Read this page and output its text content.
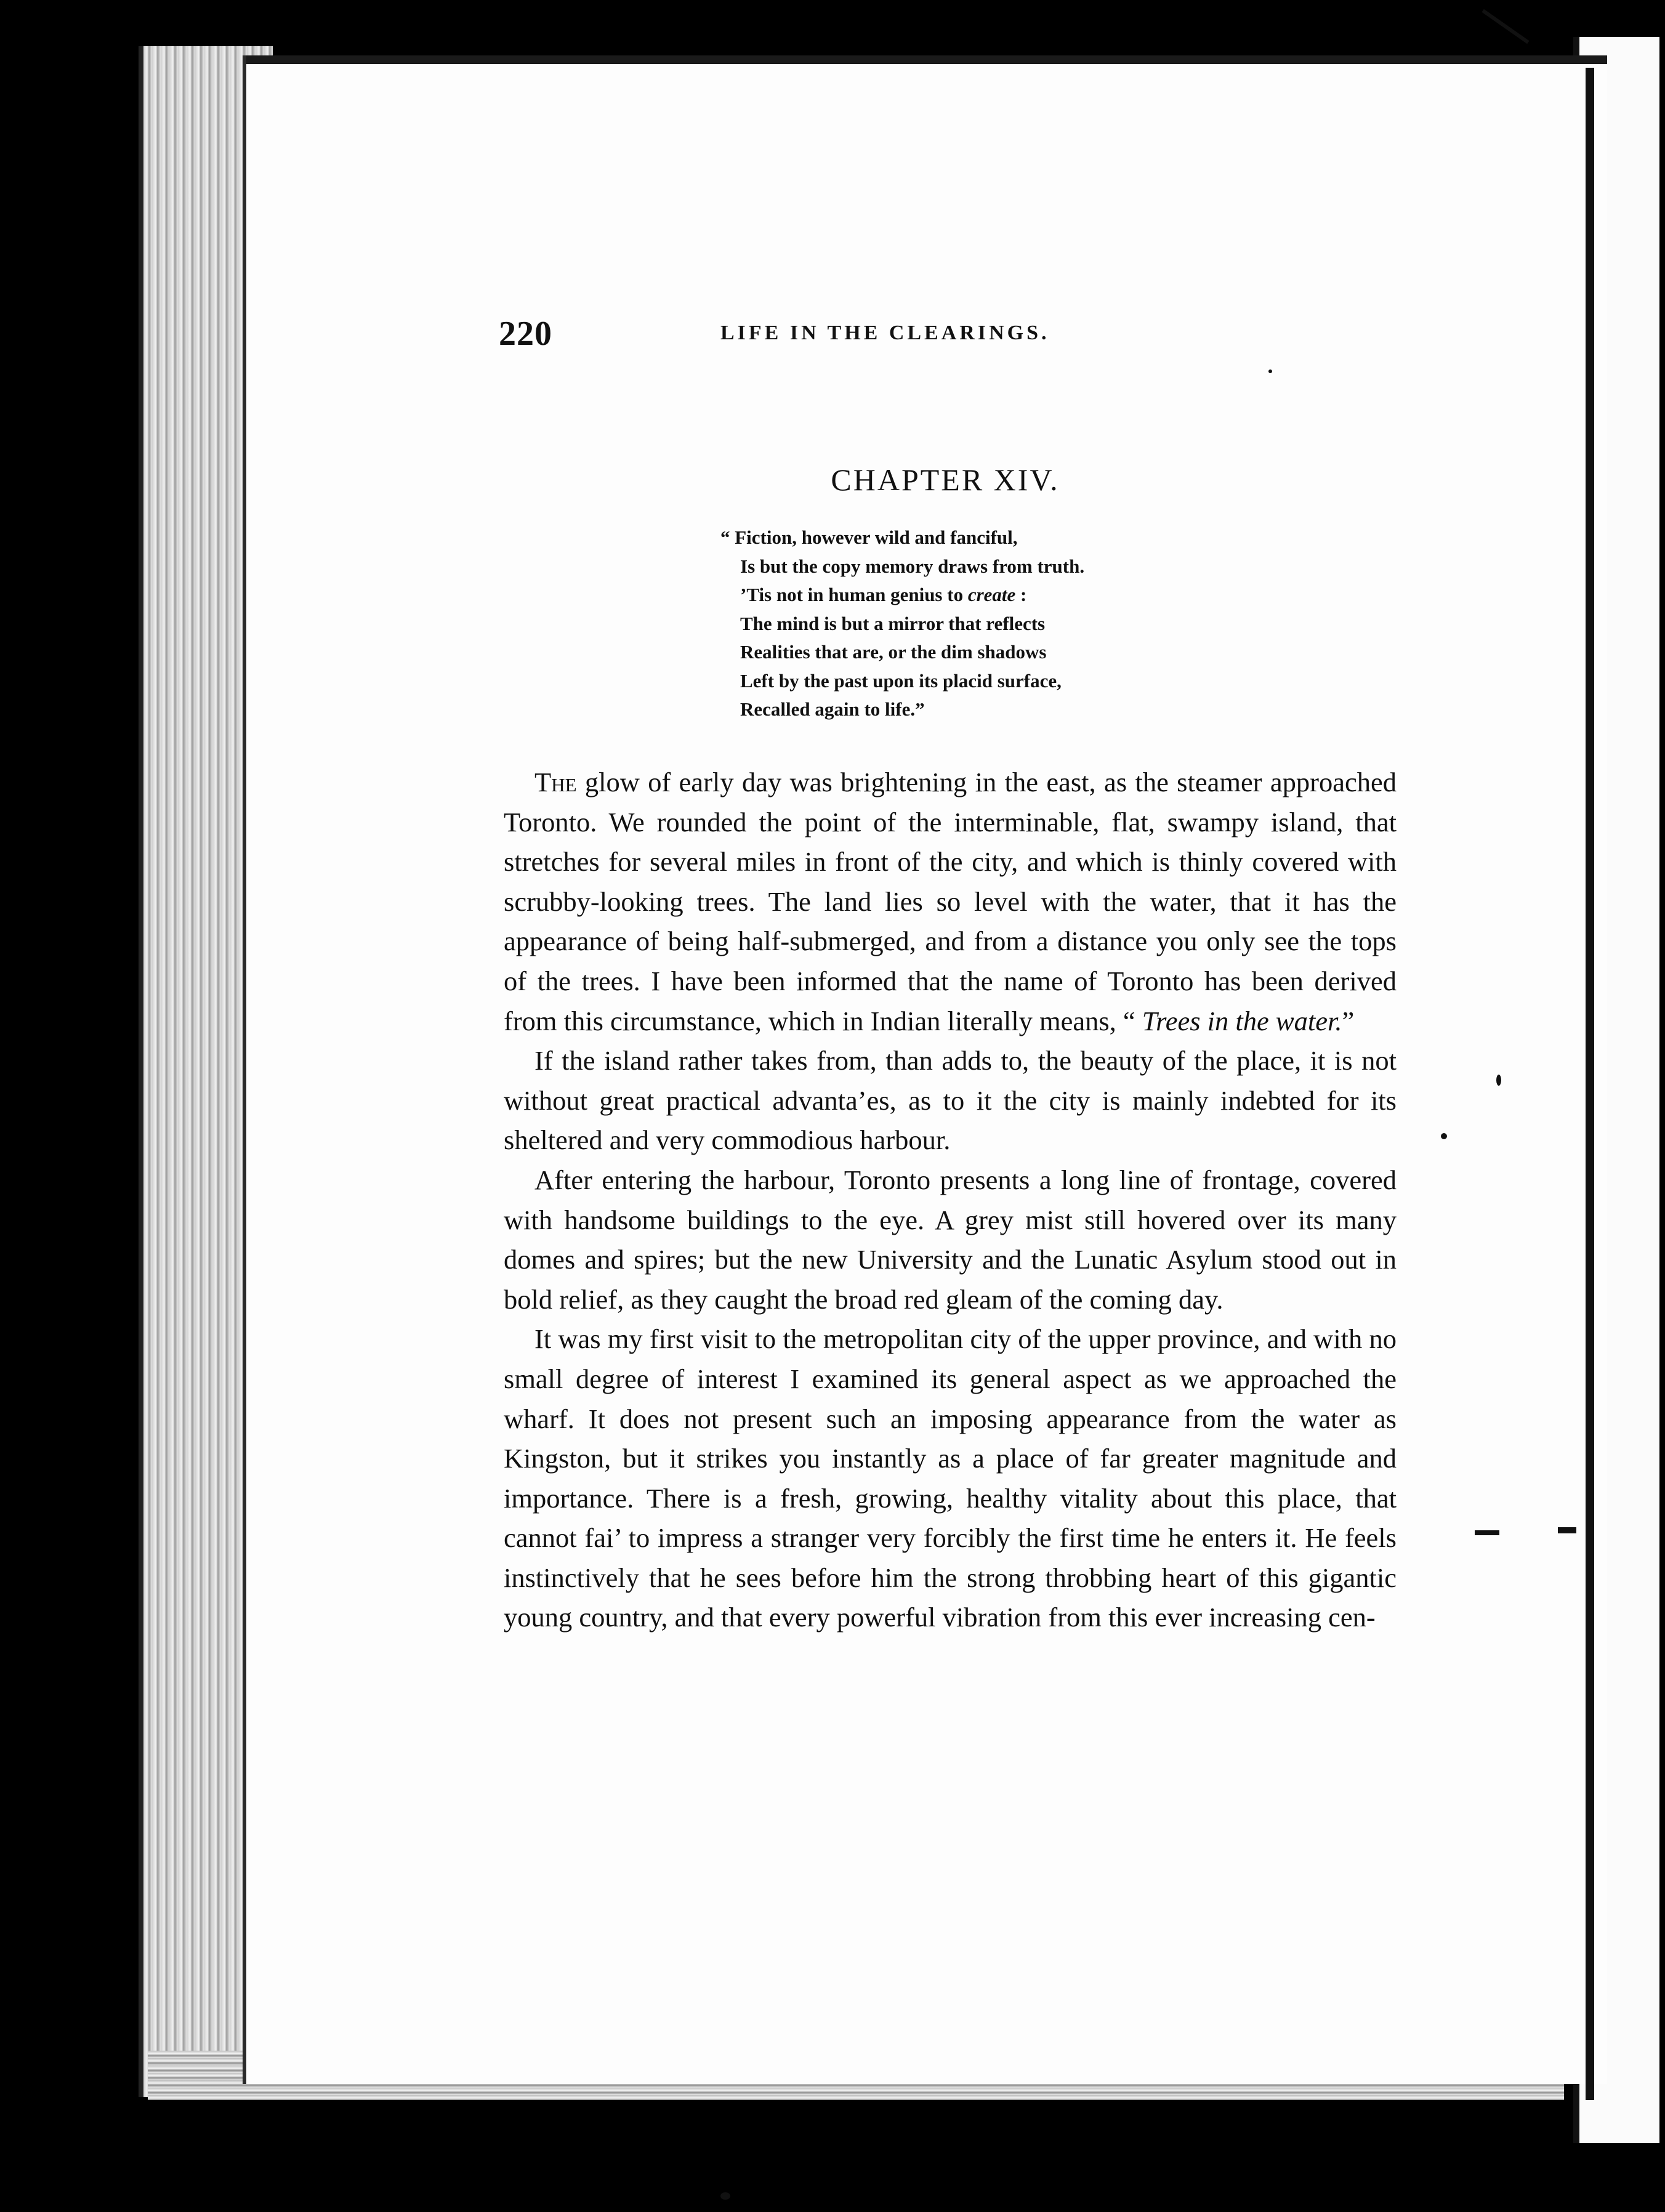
220	LIFE IN THE CLEARINGS.
CHAPTER XIV.
“ Fiction, however wild and fanciful,
Is but the copy memory draws from truth.
’Tis not in human genius to create :
The mind is but a mirror that reflects
Realities that are, or the dim shadows
Left by the past upon its placid surface,
Recalled again to life.”

The glow of early day was brightening in the east, as the steamer approached Toronto. We rounded the point of the interminable, flat, swampy island, that stretches for several miles in front of the city, and which is thinly covered with scrubby-looking trees. The land lies so level with the water, that it has the appearance of being half-submerged, and from a distance you only see the tops of the trees. I have been informed that the name of Toronto has been derived from this circumstance, which in Indian literally means, “ Trees in the water.”

If the island rather takes from, than adds to, the beauty of the place, it is not without great practical advanta’es, as to it the city is mainly indebted for its sheltered and very commodious harbour.

After entering the harbour, Toronto presents a long line of frontage, covered with handsome buildings to the eye. A grey mist still hovered over its many domes and spires; but the new University and the Lunatic Asylum stood out in bold relief, as they caught the broad red gleam of the coming day.

It was my first visit to the metropolitan city of the upper province, and with no small degree of interest I examined its general aspect as we approached the wharf. It does not present such an imposing appearance from the water as Kingston, but it strikes you instantly as a place of far greater magnitude and importance. There is a fresh, growing, healthy vitality about this place, that cannot fai’ to impress a stranger very forcibly the first time he enters it. He feels instinctively that he sees before him the strong throbbing heart of this gigantic young country, and that every powerful vibration from this ever increasing cen-
